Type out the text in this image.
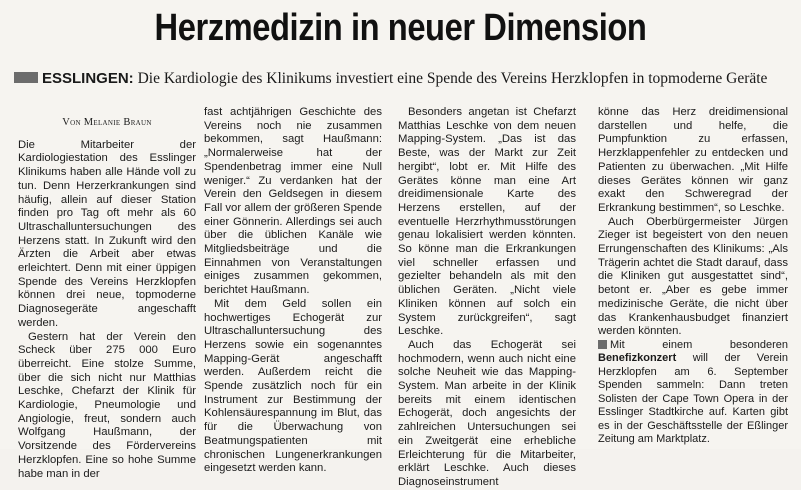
Herzmedizin in neuer Dimension
ESSLINGEN: Die Kardiologie des Klinikums investiert eine Spende des Vereins Herzklopfen in topmoderne Geräte
Von Melanie Braun

Die Mitarbeiter der Kardiologiestation des Esslinger Klinikums haben alle Hände voll zu tun. Denn Herzerkrankungen sind häufig, allein auf dieser Station finden pro Tag oft mehr als 60 Ultraschalluntersuchungen des Herzens statt. In Zukunft wird den Ärzten die Arbeit aber etwas erleichtert. Denn mit einer üppigen Spende des Vereins Herzklopfen können drei neue, topmoderne Diagnosegeräte angeschafft werden.

Gestern hat der Verein den Scheck über 275 000 Euro überreicht. Eine stolze Summe, über die sich nicht nur Matthias Leschke, Chefarzt der Klinik für Kardiologie, Pneumologie und Angiologie, freut, sondern auch Wolfgang Haußmann, der Vorsitzende des Fördervereins Herzklopfen. Eine so hohe Summe habe man in der

fast achtjährigen Geschichte des Vereins noch nie zusammen bekommen, sagt Haußmann: „Normalerweise hat der Spendenbetrag immer eine Null weniger.“ Zu verdanken hat der Verein den Geldsegen in diesem Fall vor allem der größeren Spende einer Gönnerin. Allerdings sei auch über die üblichen Kanäle wie Mitgliedsbeiträge und die Einnahmen von Veranstaltungen einiges zusammen gekommen, berichtet Haußmann.

Mit dem Geld sollen ein hochwertiges Echogerät zur Ultraschalluntersuchung des Herzens sowie ein sogenanntes Mapping-Gerät angeschafft werden. Außerdem reicht die Spende zusätzlich noch für ein Instrument zur Bestimmung der Kohlensäurespannung im Blut, das für die Überwachung von Beatmungspatienten mit chronischen Lungenerkrankungen eingesetzt werden kann.

Besonders angetan ist Chefarzt Matthias Leschke von dem neuen Mapping-System. „Das ist das Beste, was der Markt zur Zeit hergibt“, lobt er. Mit Hilfe des Gerätes könne man eine Art dreidimensionale Karte des Herzens erstellen, auf der eventuelle Herzrhythmusstörungen genau lokalisiert werden könnten. So könne man die Erkrankungen viel schneller erfassen und gezielter behandeln als mit den üblichen Geräten. „Nicht viele Kliniken können auf solch ein System zurückgreifen“, sagt Leschke.

Auch das Echogerät sei hochmodern, wenn auch nicht eine solche Neuheit wie das Mapping-System. Man arbeite in der Klinik bereits mit einem identischen Echogerät, doch angesichts der zahlreichen Untersuchungen sei ein Zweitgerät eine erhebliche Erleichterung für die Mitarbeiter, erklärt Leschke. Auch dieses Diagnoseinstrument

könne das Herz dreidimensional darstellen und helfe, die Pumpfunktion zu erfassen, Herzklappenfehler zu entdecken und Patienten zu überwachen. „Mit Hilfe dieses Gerätes können wir ganz exakt den Schweregrad der Erkrankung bestimmen“, so Leschke.

Auch Oberbürgermeister Jürgen Zieger ist begeistert von den neuen Errungenschaften des Klinikums: „Als Trägerin achtet die Stadt darauf, dass die Kliniken gut ausgestattet sind“, betont er. „Aber es gebe immer medizinische Geräte, die nicht über das Krankenhausbudget finanziert werden könnten.

Mit einem besonderen Benefizkonzert will der Verein Herzklopfen am 6. September Spenden sammeln: Dann treten Solisten der Cape Town Opera in der Esslinger Stadtkirche auf. Karten gibt es in der Geschäftsstelle der Eßlinger Zeitung am Marktplatz.
